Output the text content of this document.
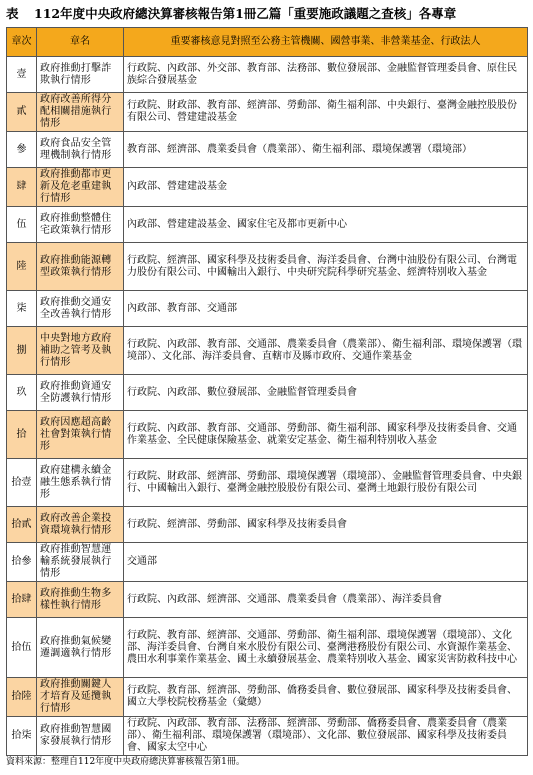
表 112年度中央政府總決算審核報告第1冊乙篇「重要施政議題之查核」各專章
章次	章名	重要審核意見對照至公務主管機關、國營事業、非營業基金、行政法人
壹	政府推動打擊詐欺執行情形	行政院、內政部、外交部、教育部、法務部、數位發展部、金融監督管理委員會、原住民族綜合發展基金
貳	政府改善所得分配相關措施執行情形	行政院、財政部、教育部、經濟部、勞動部、衛生福利部、中央銀行、臺灣金融控股股份有限公司、營建建設基金
參	政府食品安全管理機制執行情形	教育部、經濟部、農業委員會（農業部）、衛生福利部、環境保護署（環境部）
肆	政府推動都市更新及危老重建執行情形	內政部、營建建設基金
伍	政府推動整體住宅政策執行情形	內政部、營建建設基金、國家住宅及都市更新中心
陸	政府推動能源轉型政策執行情形	行政院、經濟部、國家科學及技術委員會、海洋委員會、台灣中油股份有限公司、台灣電力股份有限公司、中國輸出入銀行、中央研究院科學研究基金、經濟特別收入基金
柒	政府推動交通安全改善執行情形	內政部、教育部、交通部
捌	中央對地方政府補助之管考及執行情形	行政院、內政部、教育部、交通部、農業委員會（農業部）、衛生福利部、環境保護署（環境部）、文化部、海洋委員會、直轄市及縣市政府、交通作業基金
玖	政府推動資通安全防護執行情形	行政院、內政部、數位發展部、金融監督管理委員會
拾	政府因應超高齡社會對策執行情形	行政院、內政部、教育部、交通部、勞動部、衛生福利部、國家科學及技術委員會、交通作業基金、全民健康保險基金、就業安定基金、衛生福利特別收入基金
拾壹	政府建構永續金融生態系執行情形	行政院、財政部、經濟部、勞動部、環境保護署（環境部）、金融監督管理委員會、中央銀行、中國輸出入銀行、臺灣金融控股股份有限公司、臺灣土地銀行股份有限公司
拾貳	政府改善企業投資環境執行情形	行政院、經濟部、勞動部、國家科學及技術委員會
拾參	政府推動智慧運輸系統發展執行情形	交通部
拾肆	政府推動生物多樣性執行情形	行政院、內政部、經濟部、交通部、農業委員會（農業部）、海洋委員會
拾伍	政府推動氣候變遷調適執行情形	行政院、教育部、經濟部、交通部、勞動部、衛生福利部、環境保護署（環境部）、文化部、海洋委員會、台灣自來水股份有限公司、臺灣港務股份有限公司、水資源作業基金、農田水利事業作業基金、國土永續發展基金、農業特別收入基金、國家災害防救科技中心
拾陸	政府推動關鍵人才培育及延攬執行情形	行政院、教育部、經濟部、勞動部、僑務委員會、數位發展部、國家科學及技術委員會、國立大學校院校務基金（彙總）
拾柒	政府推動智慧國家發展執行情形	行政院、內政部、教育部、法務部、經濟部、勞動部、僑務委員會、農業委員會（農業部）、衛生福利部、環境保護署（環境部）、文化部、數位發展部、國家科學及技術委員會、國家太空中心
資料來源：整理自112年度中央政府總決算審核報告第1冊。
